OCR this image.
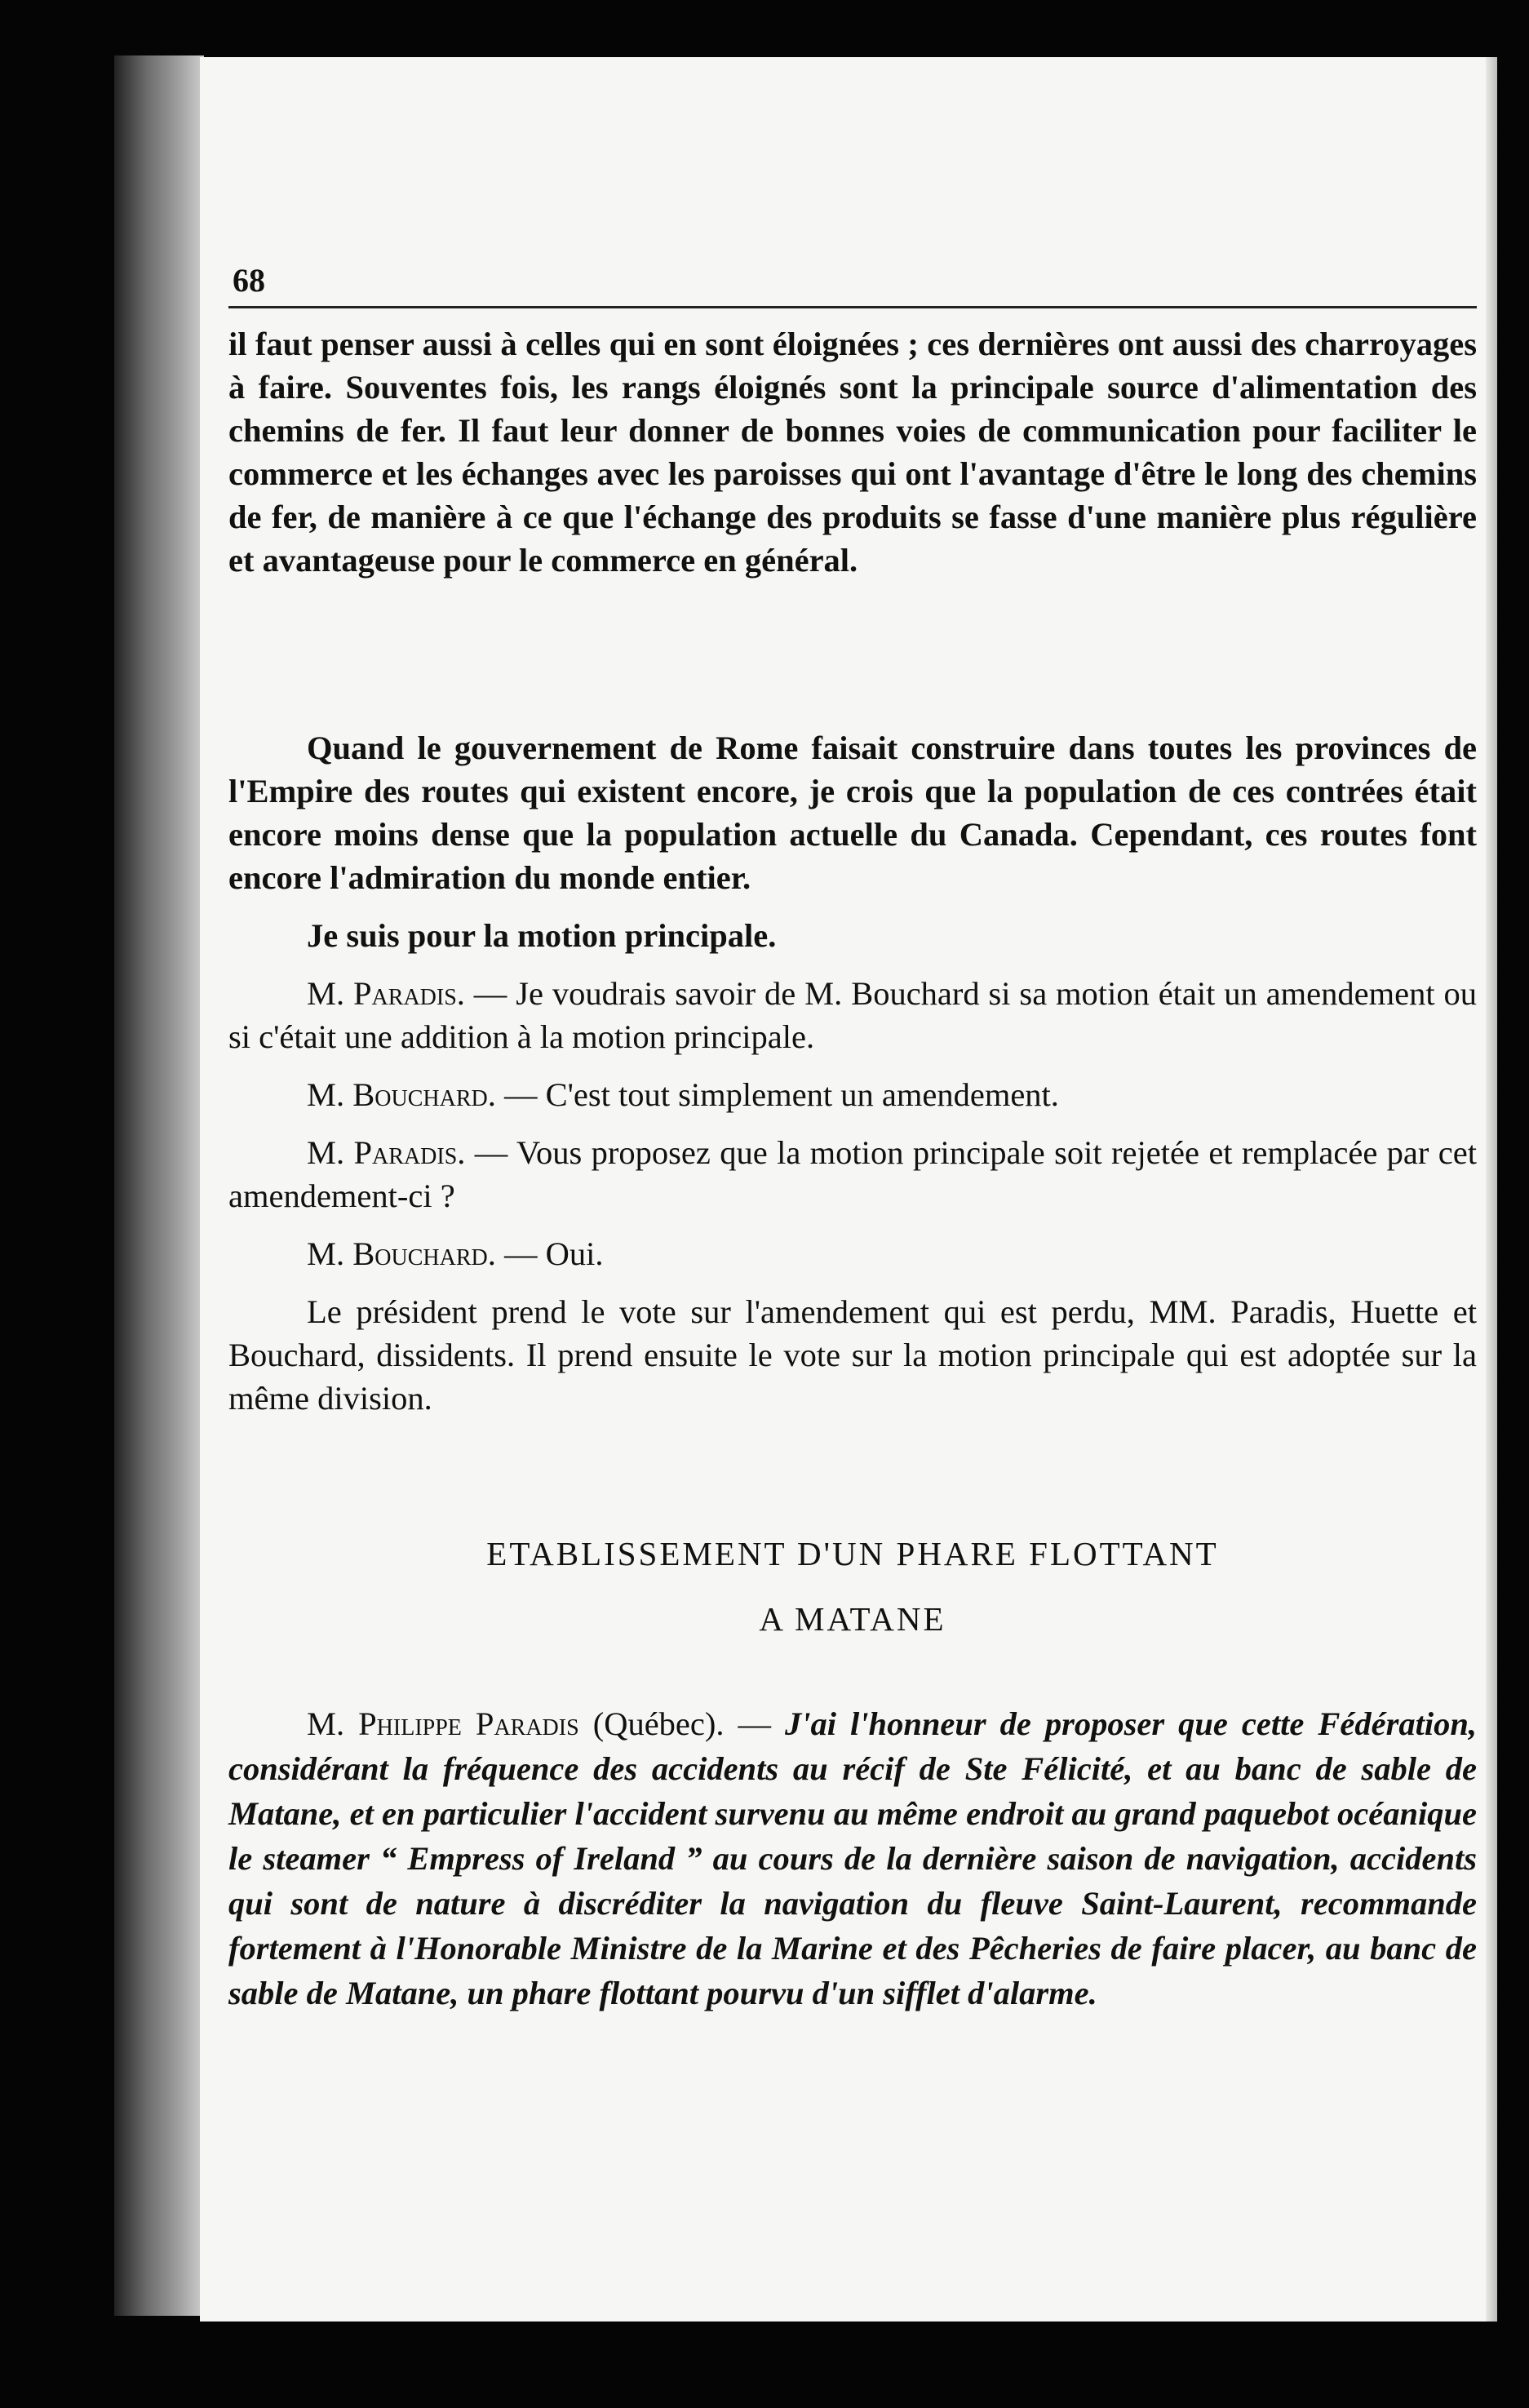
68

il faut penser aussi à celles qui en sont éloignées ; ces dernières ont aussi des charroyages à faire. Souventes fois, les rangs éloignés sont la principale source d'alimentation des chemins de fer. Il faut leur donner de bonnes voies de communication pour faciliter le commerce et les échanges avec les paroisses qui ont l'avantage d'être le long des chemins de fer, de manière à ce que l'échange des produits se fasse d'une manière plus régulière et avantageuse pour le commerce en général.

Quand le gouvernement de Rome faisait construire dans toutes les provinces de l'Empire des routes qui existent encore, je crois que la population de ces contrées était encore moins dense que la population actuelle du Canada. Cependant, ces routes font encore l'admiration du monde entier.

Je suis pour la motion principale.

M. Paradis. — Je voudrais savoir de M. Bouchard si sa motion était un amendement ou si c'était une addition à la motion principale.

M. Bouchard. — C'est tout simplement un amendement.

M. Paradis. — Vous proposez que la motion principale soit rejetée et remplacée par cet amendement-ci ?

M. Bouchard. — Oui.

Le président prend le vote sur l'amendement qui est perdu, MM. Paradis, Huette et Bouchard, dissidents. Il prend ensuite le vote sur la motion principale qui est adoptée sur la même division.

ETABLISSEMENT D'UN PHARE FLOTTANT
A MATANE

M. Philippe Paradis (Québec). — J'ai l'honneur de proposer que cette Fédération, considérant la fréquence des accidents au récif de Ste Félicité, et au banc de sable de Matane, et en particulier l'accident survenu au même endroit au grand paquebot océanique le steamer “ Empress of Ireland ” au cours de la dernière saison de navigation, accidents qui sont de nature à discréditer la navigation du fleuve Saint-Laurent, recommande fortement à l'Honorable Ministre de la Marine et des Pêcheries de faire placer, au banc de sable de Matane, un phare flottant pourvu d'un sifflet d'alarme.
